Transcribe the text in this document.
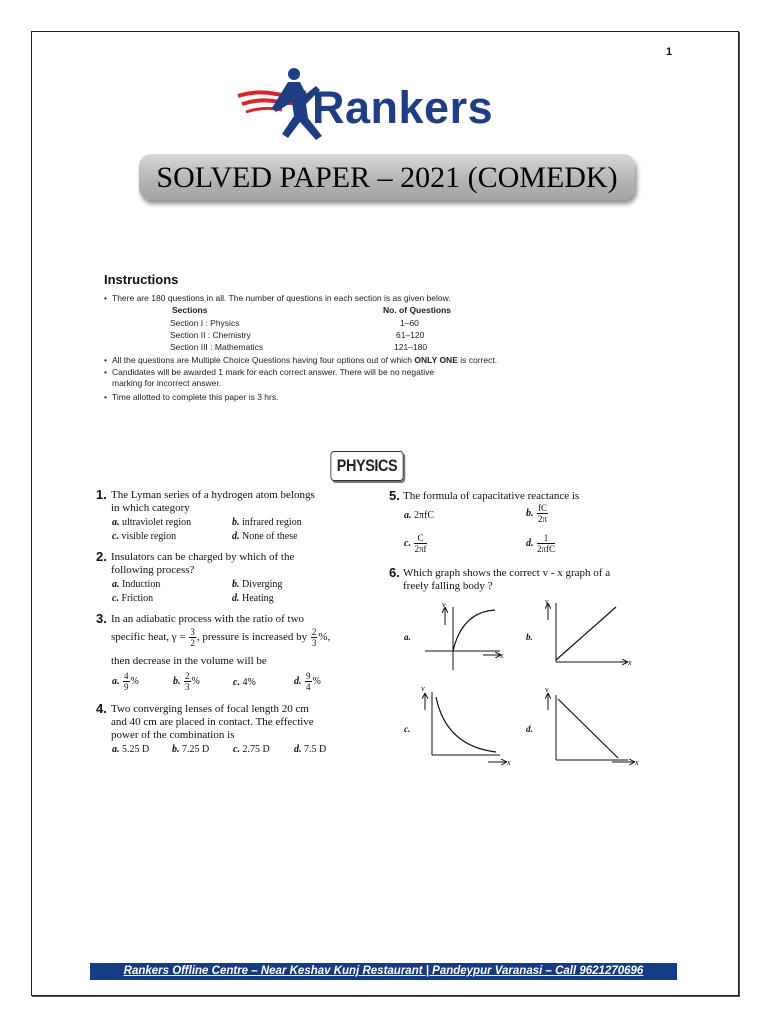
1
Rankers
SOLVED PAPER – 2021 (COMEDK)
Instructions
• There are 180 questions in all. The number of questions in each section is as given below.
Sections	No. of Questions
Section I : Physics	1–60
Section II : Chemistry	61–120
Section III : Mathematics	121–180
• All the questions are Multiple Choice Questions having four options out of which ONLY ONE is correct.
• Candidates will be awarded 1 mark for each correct answer. There will be no negative
marking for incorrect answer.
• Time allotted to complete this paper is 3 hrs.
PHYSICS
1. The Lyman series of a hydrogen atom belongs
in which category
a. ultraviolet region	b. infrared region
c. visible region	d. None of these
2. Insulators can be charged by which of the
following process?
a. Induction	b. Diverging
c. Friction	d. Heating
3. In an adiabatic process with the ratio of two
specific heat, $\gamma = \frac{3}{2}$ , pressure is increased by $\frac{2}{3}$ %,
then decrease in the volume will be
a. $\frac{4}{9}$ %	b. $\frac{2}{3}$ %	c. 4%	d. $\frac{9}{4}$ %
4. Two converging lenses of focal length 20 cm
and 40 cm are placed in contact. The effective
power of the combination is
a. 5.25 D b. 7.25 D c. 2.75 D d. 7.5 D
5. The formula of capacitative reactance is
a. 2πfC	b. $\frac{fC}{2\pi}$
c. $\frac{C}{2\pi f}$	d. $\frac{1}{\text{2πfC}}$
6. Which graph shows the correct v - x graph of a
freely falling body ?
a.	b.
c.	d.
x
v
x
v
x
v
x
v
Rankers Offline Centre – Near Keshav Kunj Restaurant | Pandeypur Varanasi – Call 9621270696
